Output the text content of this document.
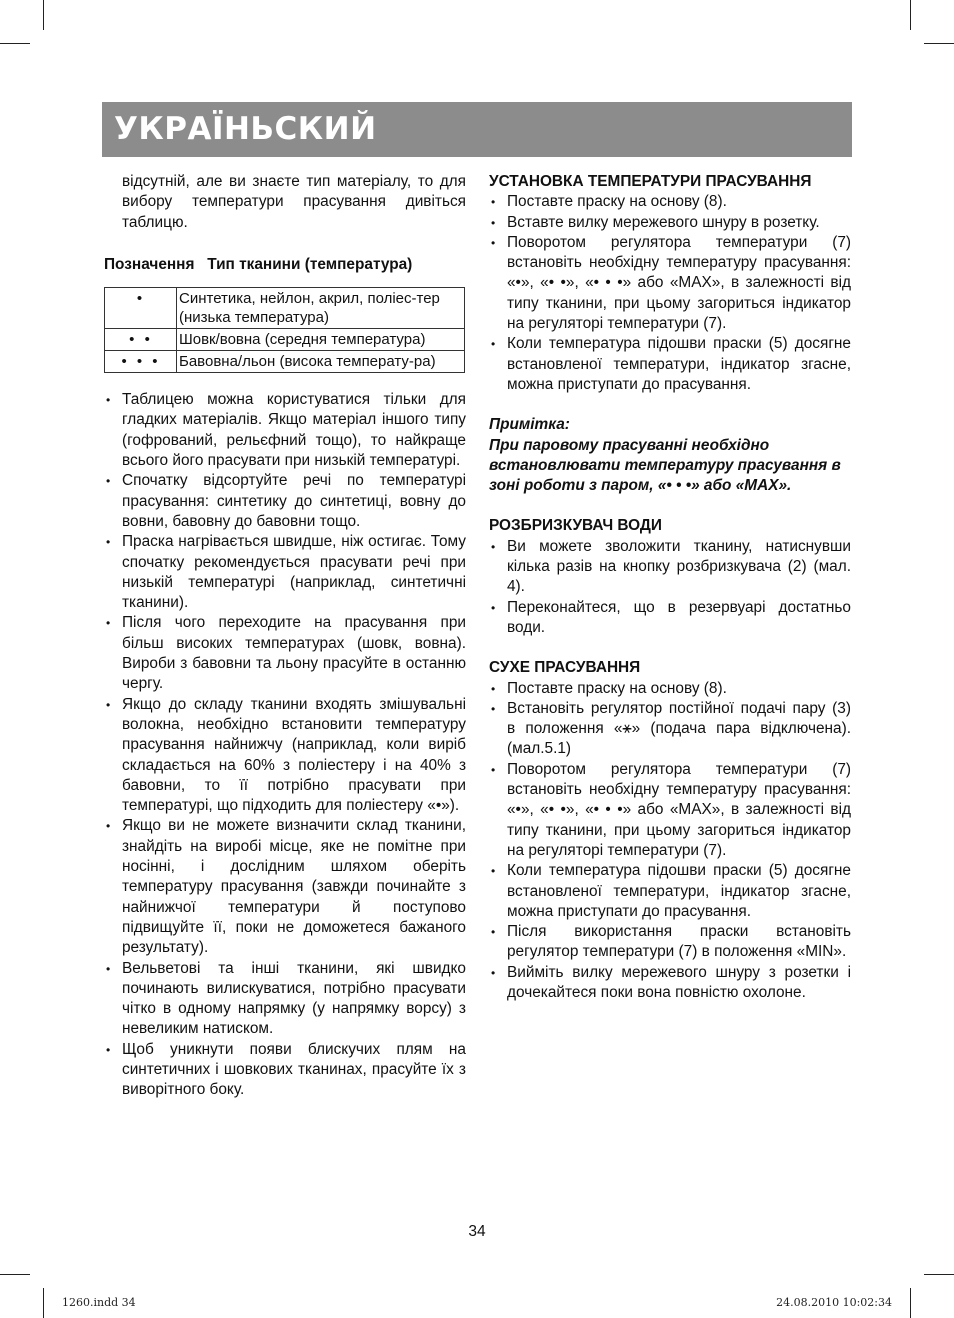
УКРАЇНЬСКИЙ

відсутній, але ви знаєте тип матеріалу, то для вибору температури прасування дивіться таблицю.

Позначення Тип тканини (температура)
•	Синтетика, нейлон, акрил, поліес-тер (низька температура)
• •	Шовк/вовна (середня температура)
• • •	Бавовна/льон (висока температу-ра)
• Таблицею можна користуватися тільки для гладких матеріалів. Якщо матеріал іншого типу (гофрований, рельєфний тощо), то найкраще всього його прасувати при низькій температурі.
• Спочатку відсортуйте речі по температурі прасування: синтетику до синтетиці, вовну до вовни, бавовну до бавовни тощо.
• Праска нагрівається швидше, ніж остигає. Тому спочатку рекомендується прасувати речі при низькій температурі (наприклад, синтетичні тканини).
• Після чого переходите на прасування при більш високих температурах (шовк, вовна). Вироби з бавовни та льону прасуйте в останню чергу.
• Якщо до складу тканини входять змішувальні волокна, необхідно встановити температуру прасування найнижчу (наприклад, коли виріб складається на 60% з поліестеру і на 40% з бавовни, то її потрібно прасувати при температурі, що підходить для поліестеру «•»).
• Якщо ви не можете визначити склад тканини, знайдіть на виробі місце, яке не помітне при носінні, і дослідним шляхом оберіть температуру прасування (завжди починайте з найнижчої температури й поступово підвищуйте її, поки не доможетеся бажаного результату).
• Вельветові та інші тканини, які швидко починають вилискуватися, потрібно прасувати чітко в одному напрямку (у напрямку ворсу) з невеликим натиском.
• Щоб уникнути появи блискучих плям на синтетичних і шовкових тканинах, прасуйте їх з виворітного боку.

УСТАНОВКА ТЕМПЕРАТУРИ ПРАСУВАННЯ

• Поставте праску на основу (8).
• Вставте вилку мережевого шнуру в розетку.
• Поворотом регулятора температури (7) встановіть необхідну температуру прасування: «•», «• •», «• • •» або «MAX», в залежності від типу тканини, при цьому загориться індикатор на регуляторі температури (7).
• Коли температура підошви праски (5) досягне встановленої температури, індикатор згасне, можна приступати до прасування.

Примітка:

При паровому прасуванні необхідно встановлювати температуру прасування в зоні роботи з паром, «• • •» або «MAX».

РОЗБРИЗКУВАЧ ВОДИ

• Ви можете зволожити тканину, натиснувши кілька разів на кнопку розбризкувача (2) (мал. 4).
• Переконайтеся, що в резервуарі достатньо води.

СУХЕ ПРАСУВАННЯ

• Поставте праску на основу (8).
• Встановіть регулятор постійної подачі пару (3) в положення «⚹» (подача пара відключена). (мал.5.1)
• Поворотом регулятора температури (7) встановіть необхідну температуру прасування: «•», «• •», «• • •» або «MAX», в залежності від типу тканини, при цьому загориться індикатор на регуляторі температури (7).
• Коли температура підошви праски (5) досягне встановленої температури, індикатор згасне, можна приступати до прасування.
• Після використання праски встановіть регулятор температури (7) в положення «MIN».
• Вийміть вилку мережевого шнуру з розетки і дочекайтеся поки вона повністю охолоне.
34
1260.indd 34	24.08.2010 10:02:34
